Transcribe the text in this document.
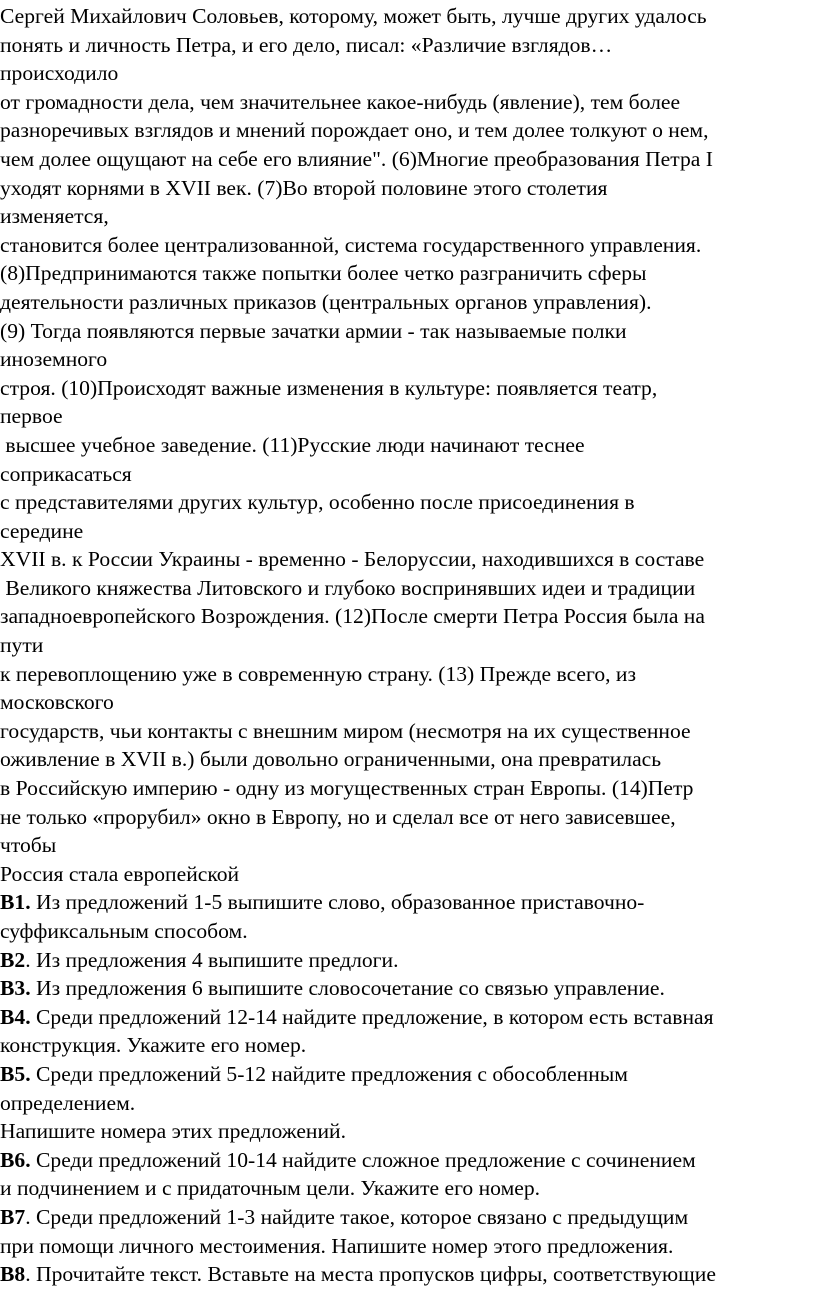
Сергей Михайлович Соловьев, которому, может быть, лучше других удалось
понять и личность Петра, и его дело, писал: «Различие взглядов…
происходило
от громадности дела, чем значительнее какое-нибудь (явление), тем более
разноречивых взглядов и мнений порождает оно, и тем долее толкуют о нем,
чем долее ощущают на себе его влияние". (6)Многие преобразования Петра I
уходят корнями в XVII век. (7)Во второй половине этого столетия
изменяется,
становится более централизованной, система государственного управления.
(8)Предпринимаются также попытки более четко разграничить сферы
деятельности различных приказов (центральных органов управления).
(9) Тогда появляются первые зачатки армии - так называемые полки
иноземного
строя. (10)Происходят важные изменения в культуре: появляется театр,
первое
высшее учебное заведение. (11)Русские люди начинают теснее
соприкасаться
с представителями других культур, особенно после присоединения в
середине
XVII в. к России Украины - временно - Белоруссии, находившихся в составе
Великого княжества Литовского и глубоко воспринявших идеи и традиции
западноевропейского Возрождения. (12)После смерти Петра Россия была на
пути
к перевоплощению уже в современную страну. (13) Прежде всего, из
московского
государств, чьи контакты с внешним миром (несмотря на их существенное
оживление в XVII в.) были довольно ограниченными, она превратилась
в Российскую империю - одну из могущественных стран Европы. (14)Петр
не только «прорубил» окно в Европу, но и сделал все от него зависевшее,
чтобы
Россия стала европейской
В1. Из предложений 1-5 выпишите слово, образованное приставочно-
суффиксальным способом.
В2. Из предложения 4 выпишите предлоги.
В3. Из предложения 6 выпишите словосочетание со связью управление.
В4. Среди предложений 12-14 найдите предложение, в котором есть вставная
конструкция. Укажите его номер.
В5. Среди предложений 5-12 найдите предложения с обособленным
определением.
Напишите номера этих предложений.
В6. Среди предложений 10-14 найдите сложное предложение с сочинением
и подчинением и с придаточным цели. Укажите его номер.
В7. Среди предложений 1-3 найдите такое, которое связано с предыдущим
при помощи личного местоимения. Напишите номер этого предложения.
В8. Прочитайте текст. Вставьте на места пропусков цифры, соответствующие
